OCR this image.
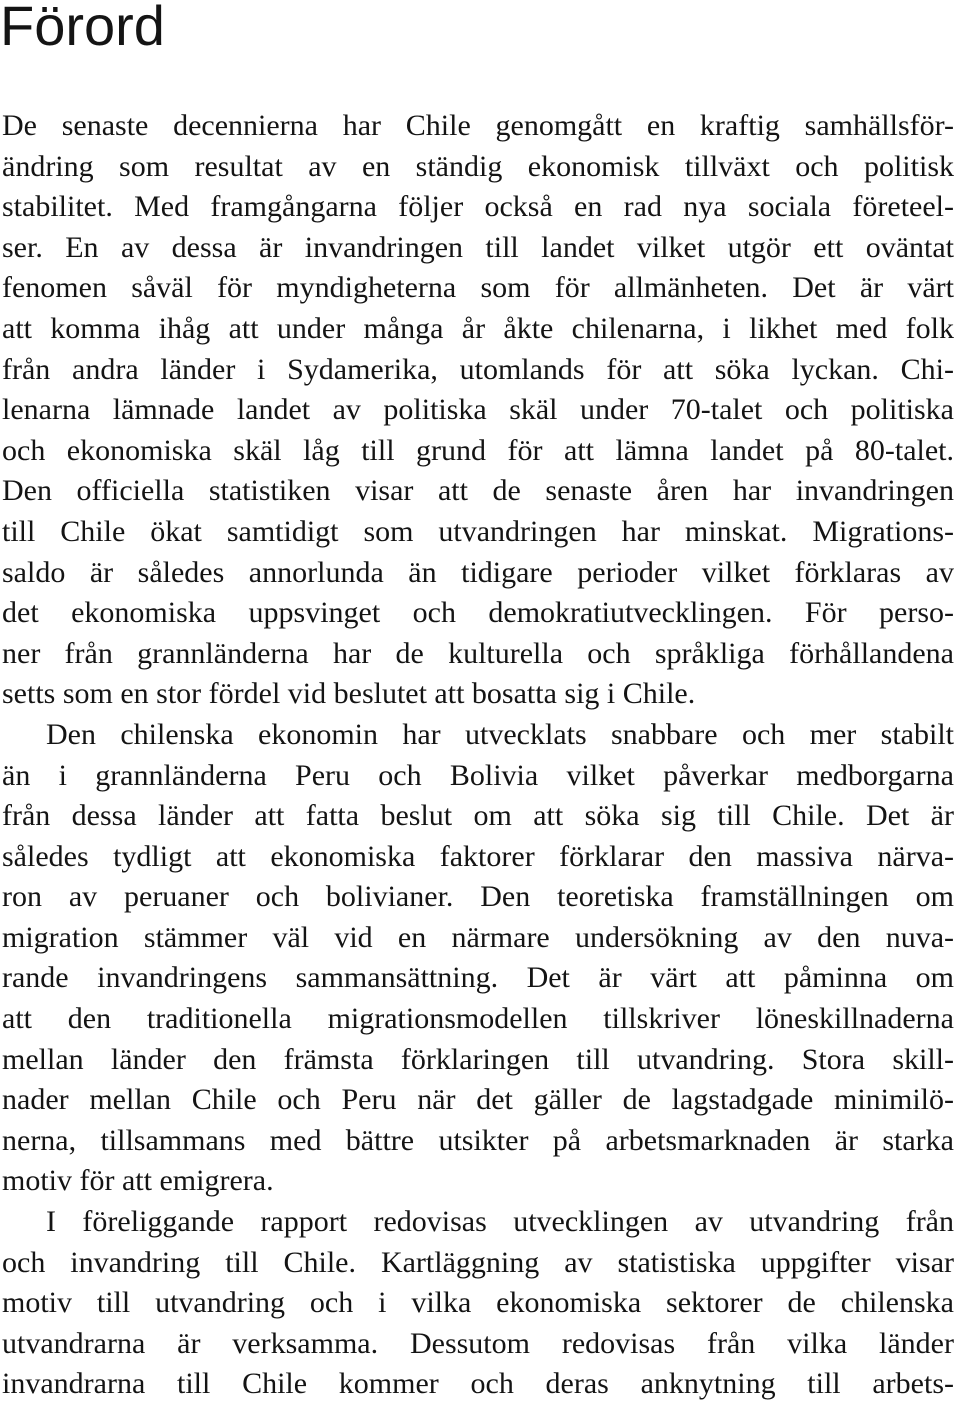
Förord
De senaste decennierna har Chile genomgått en kraftig samhällsför-
ändring som resultat av en ständig ekonomisk tillväxt och politisk
stabilitet. Med framgångarna följer också en rad nya sociala företeel-
ser. En av dessa är invandringen till landet vilket utgör ett oväntat
fenomen såväl för myndigheterna som för allmänheten. Det är värt
att komma ihåg att under många år åkte chilenarna, i likhet med folk
från andra länder i Sydamerika, utomlands för att söka lyckan. Chi-
lenarna lämnade landet av politiska skäl under 70-talet och politiska
och ekonomiska skäl låg till grund för att lämna landet på 80-talet.
Den officiella statistiken visar att de senaste åren har invandringen
till Chile ökat samtidigt som utvandringen har minskat. Migrations-
saldo är således annorlunda än tidigare perioder vilket förklaras av
det ekonomiska uppsvinget och demokratiutvecklingen. För perso-
ner från grannländerna har de kulturella och språkliga förhållandena
setts som en stor fördel vid beslutet att bosatta sig i Chile.
Den chilenska ekonomin har utvecklats snabbare och mer stabilt
än i grannländerna Peru och Bolivia vilket påverkar medborgarna
från dessa länder att fatta beslut om att söka sig till Chile. Det är
således tydligt att ekonomiska faktorer förklarar den massiva närva-
ron av peruaner och bolivianer. Den teoretiska framställningen om
migration stämmer väl vid en närmare undersökning av den nuva-
rande invandringens sammansättning. Det är värt att påminna om
att den traditionella migrationsmodellen tillskriver löneskillnaderna
mellan länder den främsta förklaringen till utvandring. Stora skill-
nader mellan Chile och Peru när det gäller de lagstadgade minimilö-
nerna, tillsammans med bättre utsikter på arbetsmarknaden är starka
motiv för att emigrera.
I föreliggande rapport redovisas utvecklingen av utvandring från
och invandring till Chile. Kartläggning av statistiska uppgifter visar
motiv till utvandring och i vilka ekonomiska sektorer de chilenska
utvandrarna är verksamma. Dessutom redovisas från vilka länder
invandrarna till Chile kommer och deras anknytning till arbets-
